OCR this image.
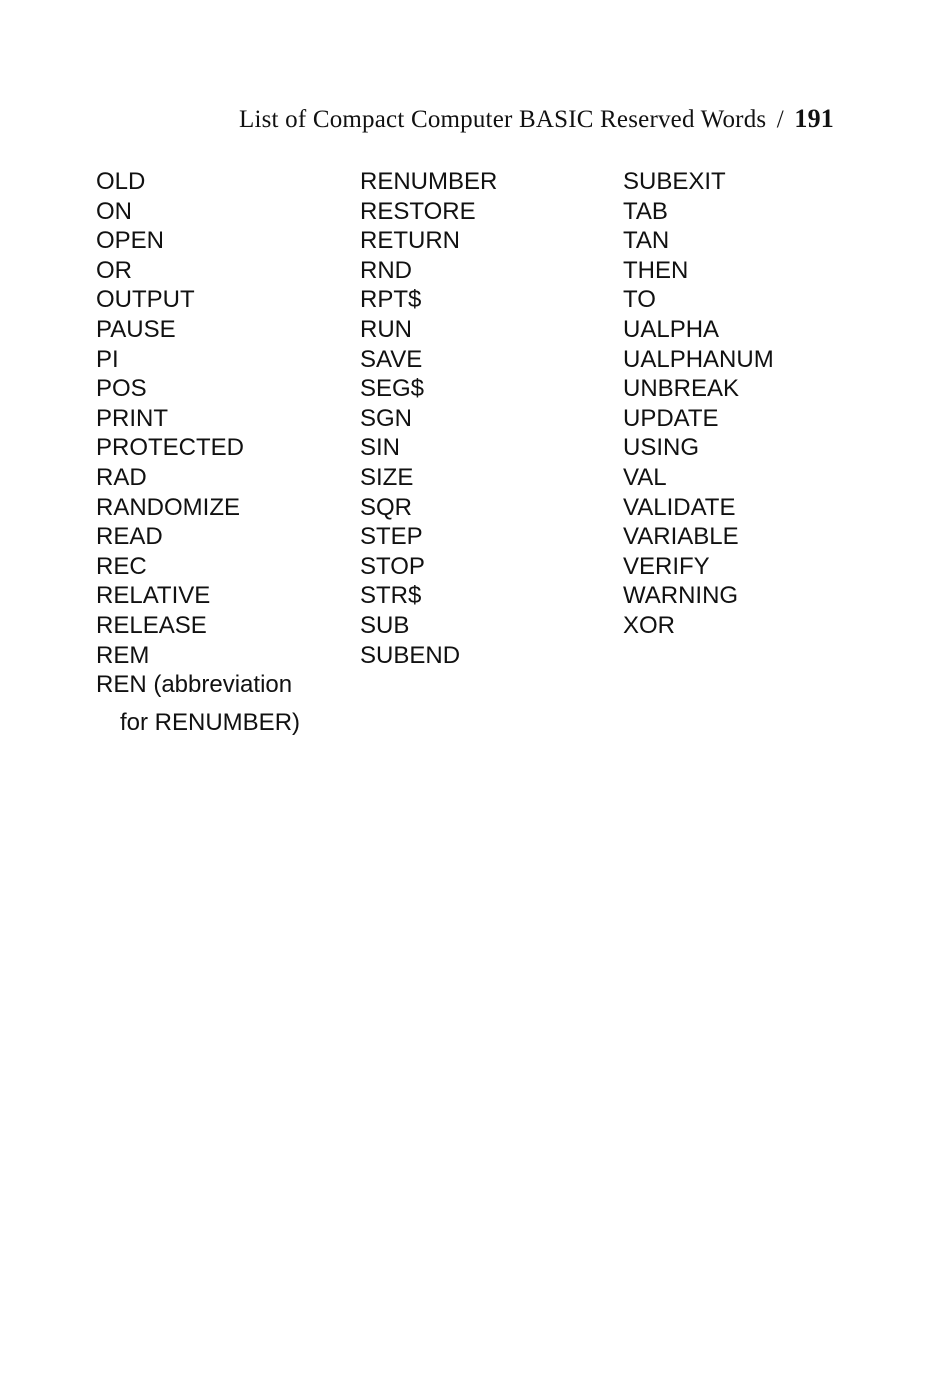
List of Compact Computer BASIC Reserved Words / 191
OLD
ON
OPEN
OR
OUTPUT
PAUSE
PI
POS
PRINT
PROTECTED
RAD
RANDOMIZE
READ
REC
RELATIVE
RELEASE
REM
REN (abbreviation
for RENUMBER)
RENUMBER
RESTORE
RETURN
RND
RPT$
RUN
SAVE
SEG$
SGN
SIN
SIZE
SQR
STEP
STOP
STR$
SUB
SUBEND
SUBEXIT
TAB
TAN
THEN
TO
UALPHA
UALPHANUM
UNBREAK
UPDATE
USING
VAL
VALIDATE
VARIABLE
VERIFY
WARNING
XOR
